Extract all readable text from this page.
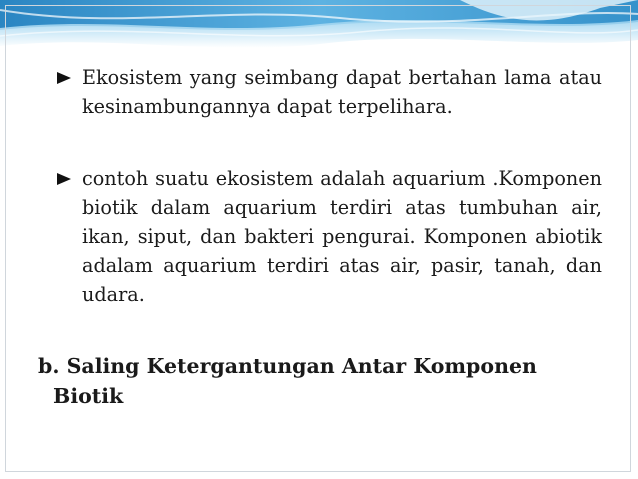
Ekosistem yang seimbang dapat bertahan lama atau kesinambungannya dapat terpelihara.
contoh suatu ekosistem adalah aquarium .Komponen biotik dalam aquarium terdiri atas tumbuhan air, ikan, siput, dan bakteri pengurai. Komponen abiotik adalam aquarium terdiri atas air, pasir, tanah, dan udara.
b. Saling Ketergantungan Antar Komponen Biotik
